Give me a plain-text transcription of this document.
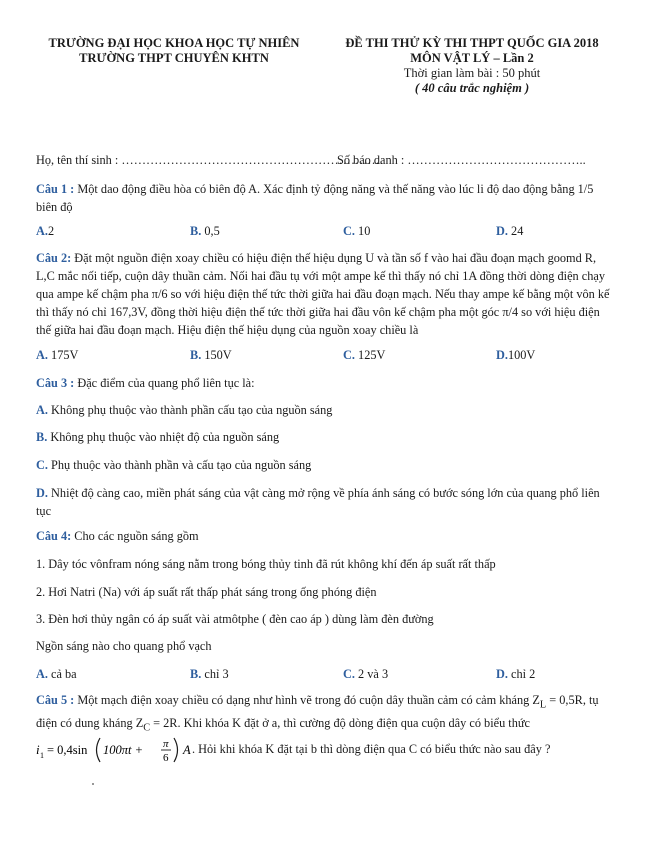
TRƯỜNG ĐẠI HỌC KHOA HỌC TỰ NHIÊN
TRƯỜNG THPT CHUYÊN KHTN
ĐỀ THI THỬ KỲ THI THPT QUỐC GIA 2018
MÔN VẬT LÝ – Lần 2
Thời gian làm bài : 50 phút
( 40 câu trắc nghiệm )
Họ, tên thí sinh : ……………………………………………………….
Số báo danh : ……………………………………..
Câu 1 : Một dao động điều hòa có biên độ A. Xác định tỷ động năng và thế năng vào lúc li độ dao động bằng 1/5 biên độ
A.2	B. 0,5	C. 10	D. 24
Câu 2: Đặt một nguồn điện xoay chiều có hiệu điện thế hiệu dụng U và tần số f vào hai đầu đoạn mạch goomd R, L,C mắc nối tiếp, cuộn dây thuần cảm. Nối hai đầu tụ với một ampe kế thì thấy nó chỉ 1A đồng thời dòng điện chạy qua ampe kế chậm pha π/6 so với hiệu điện thế tức thời giữa hai đầu đoạn mạch. Nếu thay ampe kế bằng một vôn kế thì thấy nó chỉ 167,3V, đồng thời hiệu điện thế tức thời giữa hai đầu vôn kế chậm pha một góc π/4 so với hiệu điện thế giữa hai đầu đoạn mạch. Hiệu điện thế hiệu dụng của nguồn xoay chiều là
A. 175V	B. 150V	C. 125V	D.100V
Câu 3 : Đặc điểm của quang phổ liên tục là:
A. Không phụ thuộc vào thành phần cấu tạo của nguồn sáng
B. Không phụ thuộc vào nhiệt độ của nguồn sáng
C. Phụ thuộc vào thành phần và cấu tạo của nguồn sáng
D. Nhiệt độ càng cao, miền phát sáng của vật càng mở rộng về phía ánh sáng có bước sóng lớn của quang phổ liên tục
Câu 4: Cho các nguồn sáng gồm
1. Dây tóc vônfram nóng sáng nằm trong bóng thủy tinh đã rút không khí đến áp suất rất thấp
2. Hơi Natri (Na) với áp suất rất thấp phát sáng trong ống phóng điện
3. Đèn hơi thủy ngân có áp suất vài atmôtphe ( đèn cao áp ) dùng làm đèn đường
Ngồn sáng nào cho quang phổ vạch
A. cả ba	B. chỉ 3	C. 2 và 3	D. chỉ 2
Câu 5 : Một mạch điện xoay chiều có dạng như hình vẽ trong đó cuộn dây thuần cảm có cảm kháng $Z_L = 0,5R$, tụ điện có dung kháng $Z_C = 2R$. Khi khóa K đặt ở a, thì cường độ dòng điện qua cuộn dây có biểu thức
i 1 = 0,4sin 100πt + π
6
A . Hỏi khi khóa K đặt tại b thì dòng điện qua C có biểu thức nào sau đây ?
